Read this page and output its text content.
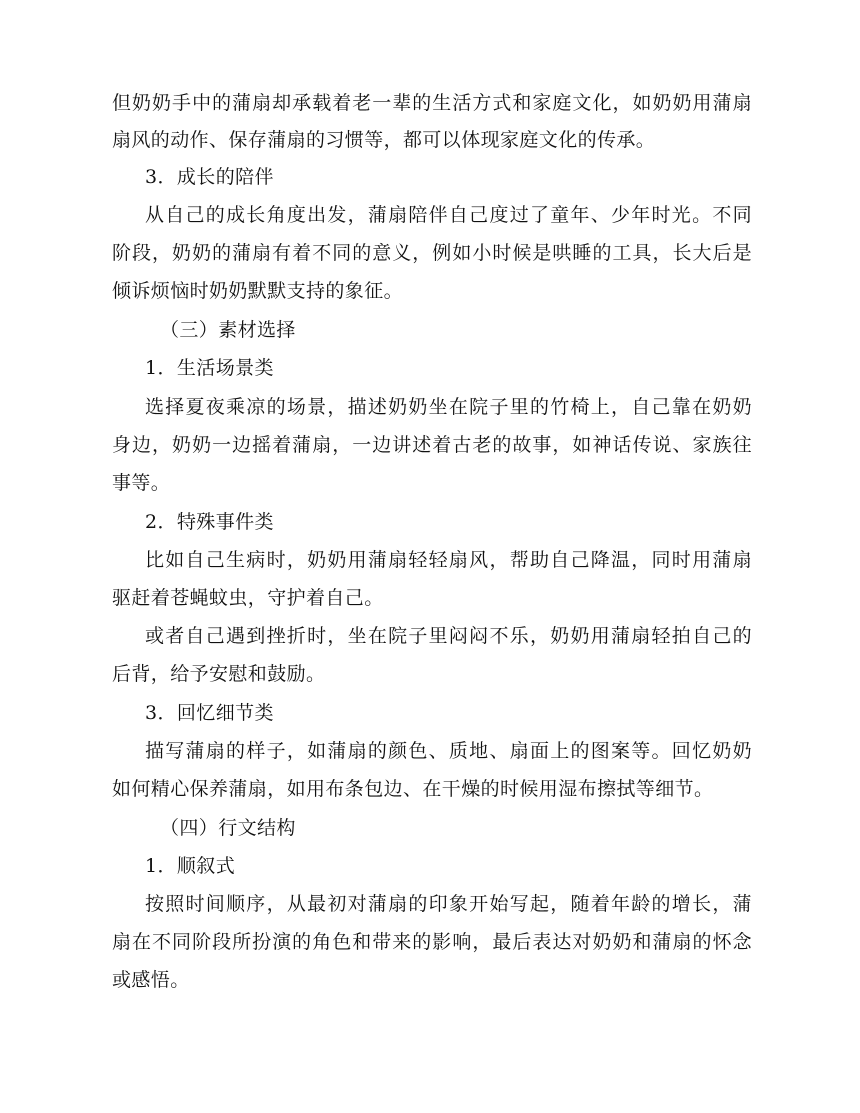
但奶奶手中的蒲扇却承载着老一辈的生活方式和家庭文化，如奶奶用蒲扇
扇风的动作、保存蒲扇的习惯等，都可以体现家庭文化的传承。
3．成长的陪伴
从自己的成长角度出发，蒲扇陪伴自己度过了童年、少年时光。不同
阶段，奶奶的蒲扇有着不同的意义，例如小时候是哄睡的工具，长大后是
倾诉烦恼时奶奶默默支持的象征。
（三）素材选择
1．生活场景类
选择夏夜乘凉的场景，描述奶奶坐在院子里的竹椅上，自己靠在奶奶
身边，奶奶一边摇着蒲扇，一边讲述着古老的故事，如神话传说、家族往
事等。
2．特殊事件类
比如自己生病时，奶奶用蒲扇轻轻扇风，帮助自己降温，同时用蒲扇
驱赶着苍蝇蚊虫，守护着自己。
或者自己遇到挫折时，坐在院子里闷闷不乐，奶奶用蒲扇轻拍自己的
后背，给予安慰和鼓励。
3．回忆细节类
描写蒲扇的样子，如蒲扇的颜色、质地、扇面上的图案等。回忆奶奶
如何精心保养蒲扇，如用布条包边、在干燥的时候用湿布擦拭等细节。
（四）行文结构
1．顺叙式
按照时间顺序，从最初对蒲扇的印象开始写起，随着年龄的增长，蒲
扇在不同阶段所扮演的角色和带来的影响，最后表达对奶奶和蒲扇的怀念
或感悟。
